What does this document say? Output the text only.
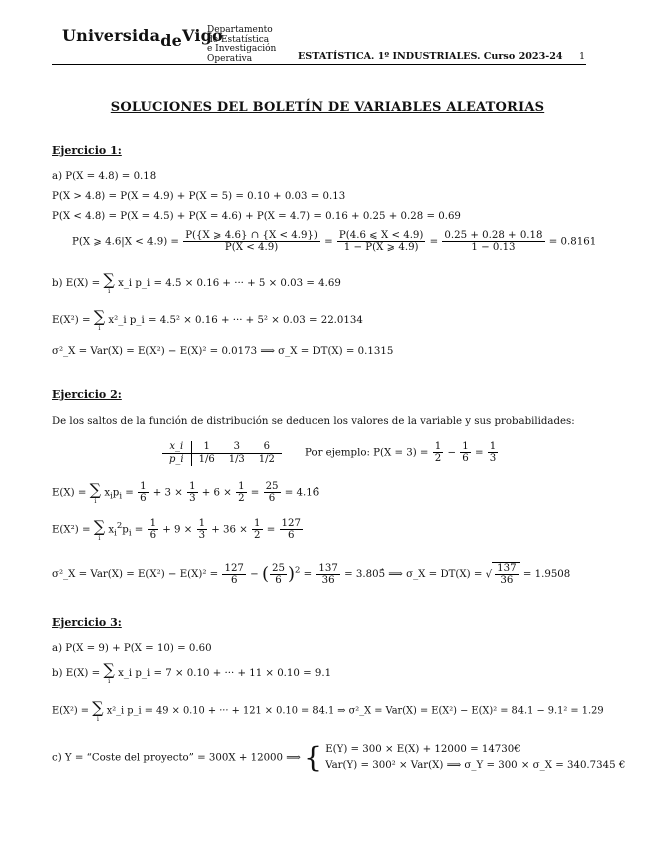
UniversidadeVigo
Departamento
de Estatística
e Investigación
Operativa	ESTATÍSTICA. 1º INDUSTRIALES. Curso 2023-24 1
SOLUCIONES DEL BOLETÍN DE VARIABLES ALEATORIAS
Ejercicio 1:
a) P(X = 4.8) = 0.18
P(X > 4.8) = P(X = 4.9) + P(X = 5) = 0.10 + 0.03 = 0.13
P(X < 4.8) = P(X = 4.5) + P(X = 4.6) + P(X = 4.7) = 0.16 + 0.25 + 0.28 = 0.69
P(X ⩾ $4.6|X < 4.9) = \frac{P(\{X ⩾ 4.6\} \cap \{X < 4.9\})}{P(X < 4.9)} = \frac{P(4.6 ⩽ X < 4.9)}{1 - P(X ⩾ 4.9)} = \frac{0.25 + 0.28 + 0.18}{1 - 0.13} = 0.8161$
b) E(X) = ∑
i
x_i p_i = 4.5 × 0.16 + ··· + 5 × 0.03 = 4.69
E(X²) = ∑
i
x²_i p_i = 4.5² × 0.16 + ··· + 5² × 0.03 = 22.0134
σ²_X = Var(X) = E(X²) − E(X)² = 0.0173 ⟹ σ_X = DT(X) = 0.1315
Ejercicio 2:
De los saltos de la función de distribución se deducen los valores de la variable y sus probabilidades:
x_i	1	3	6
p_i	1/6	1/3	1/2
Por ejemplo: $P(X = 3) = \frac{1}{2} - \frac{1}{6} = \frac{1}{3}$
E(X) = ∑
i
$x_ip_i = \frac{1}{6} + 3 \times \frac{1}{3} + 6 \times \frac{1}{2} = \frac{25}{6}$ = 4.16̂
E(X²) = ∑
i
$x_i^2p_i = \frac{1}{6} + 9 \times \frac{1}{3} + 36 \times \frac{1}{2} = \frac{127}{6}$
σ²_X = $Var(X) = E(X^2) - E(X)^2 = \frac{127}{6}$ − ( $\frac{25}{6} )^2 = \frac{137}{36}$ = 3.805̂ ⟹ σ_X = DT(X) = √ $\frac{137}{36} = 1.9508$
Ejercicio 3:
a) P(X = 9) + P(X = 10) = 0.60
b) E(X) = ∑
i
x_i p_i = 7 × 0.10 + ··· + 11 × 0.10 = 9.1
E(X²) = ∑
i
x²_i p_i = 49 × 0.10 + ··· + 121 × 0.10 = 84.1 ⇒ σ²_X = Var(X) = E(X²) − E(X)² = 84.1 − 9.1² = 1.29
c) Y = “Coste del proyecto” = 300X + 12000 ⟹ { E(Y) = 300 × E(X) + 12000 = 14730€
Var(Y) = 300² × Var(X) ⟹ σ_Y = 300 × σ_X = 340.7345 €
